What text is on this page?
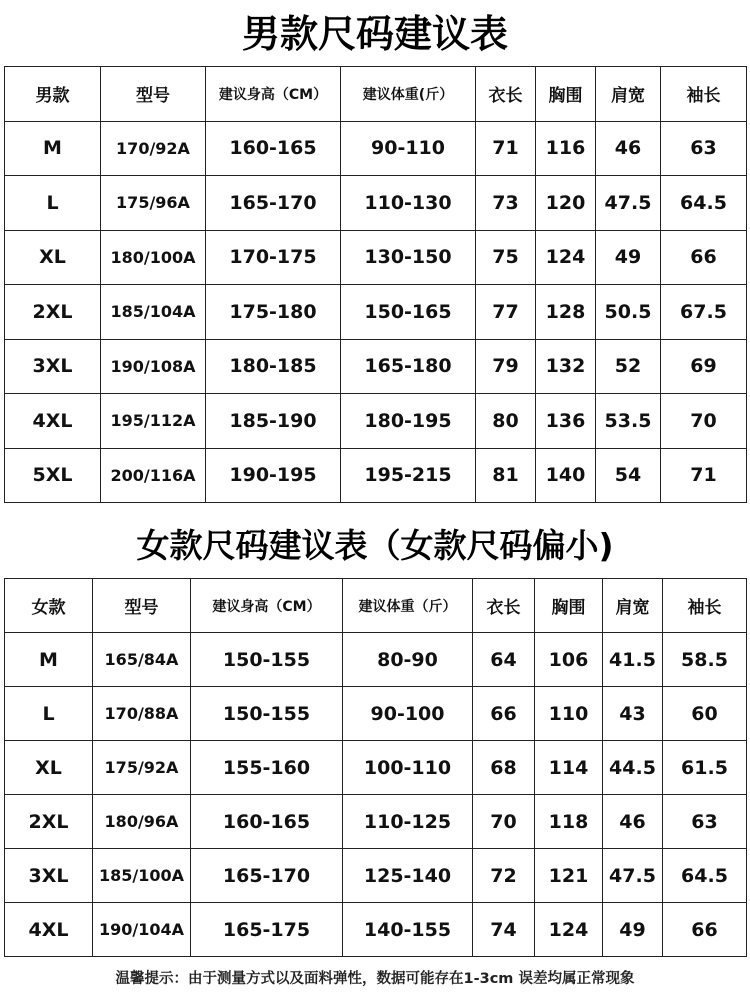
男款尺码建议表
男款	型号	建议身高（CM）	建议体重(斤）	衣长	胸围	肩宽	袖长
M	170/92A	160-165	90-110	71	116	46	63
L	175/96A	165-170	110-130	73	120	47.5	64.5
XL	180/100A	170-175	130-150	75	124	49	66
2XL	185/104A	175-180	150-165	77	128	50.5	67.5
3XL	190/108A	180-185	165-180	79	132	52	69
4XL	195/112A	185-190	180-195	80	136	53.5	70
5XL	200/116A	190-195	195-215	81	140	54	71
女款尺码建议表（女款尺码偏小)
女款	型号	建议身高（CM）	建议体重（斤）	衣长	胸围	肩宽	袖长
M	165/84A	150-155	80-90	64	106	41.5	58.5
L	170/88A	150-155	90-100	66	110	43	60
XL	175/92A	155-160	100-110	68	114	44.5	61.5
2XL	180/96A	160-165	110-125	70	118	46	63
3XL	185/100A	165-170	125-140	72	121	47.5	64.5
4XL	190/104A	165-175	140-155	74	124	49	66
温馨提示：由于测量方式以及面料弹性，数据可能存在1-3cm 误差均属正常现象
